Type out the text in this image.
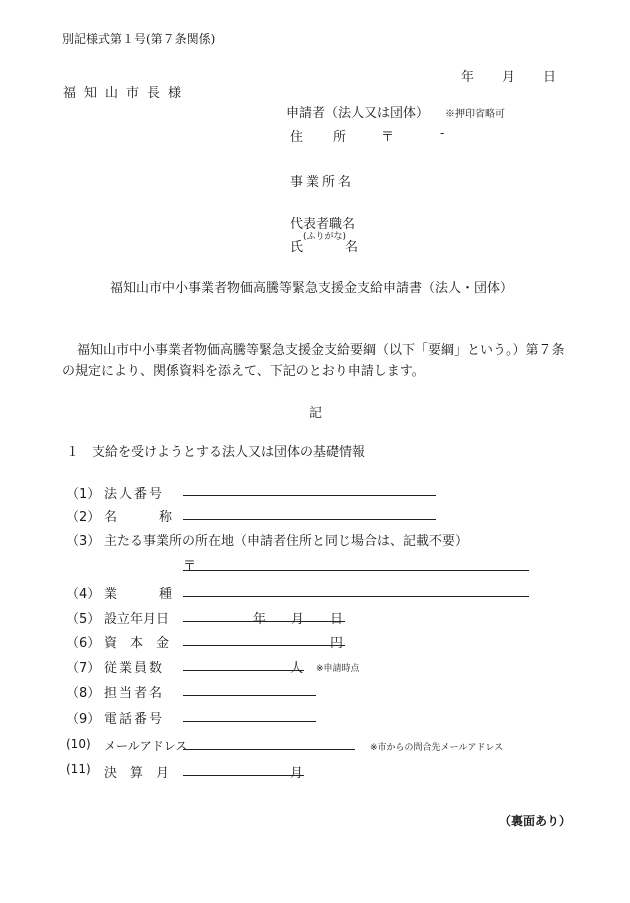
別記様式第１号(第７条関係)
年 月 日
福知山市長様
申請者（法人又は団体） ※押印省略可
住所 〒	-
事業所名
代表者職名
(ふりがな)
氏名
福知山市中小事業者物価高騰等緊急支援金支給申請書（法人・団体）
福知山市中小事業者物価高騰等緊急支援金支給要綱（以下「要綱」という。）第７条
の規定により、関係資料を添えて、下記のとおり申請します。
記
１　支給を受けようとする法人又は団体の基礎情報
（1） 法人番号
（2） 名称
（3） 主たる事業所の所在地（申請者住所と同じ場合は、記載不要）
〒
（4） 業種
（5） 設立年月日	年 月 日
（6） 資本金	円
（7） 従業員数	人 ※申請時点
（8） 担当者名
（9） 電話番号
(10) メールアドレス	※市からの問合先メールアドレス
(11) 決算月	月
（裏面あり）
